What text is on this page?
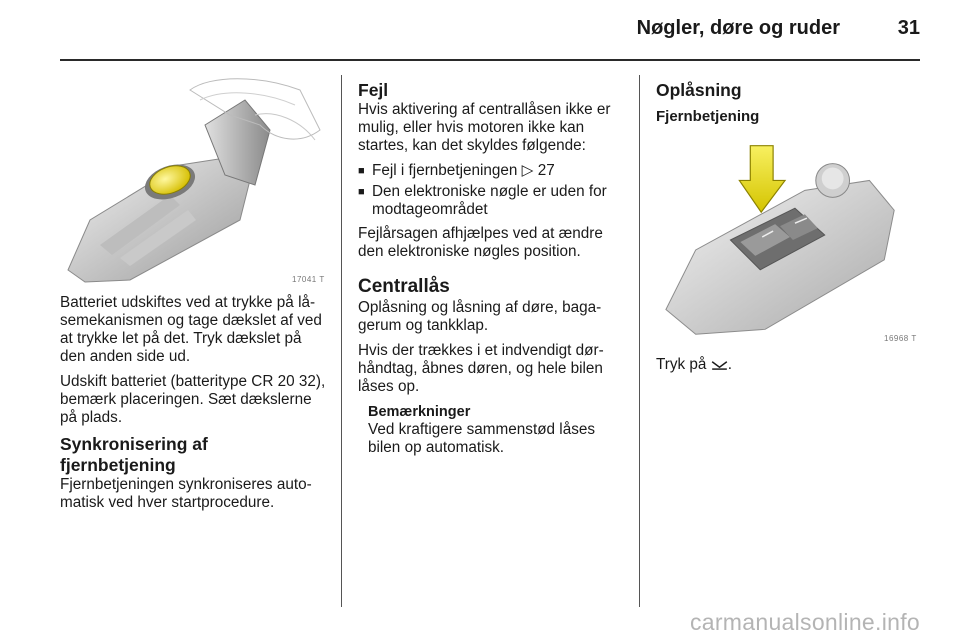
Nøgler, døre og ruder	31
17041 T

Batteriet udskiftes ved at trykke på låsemekanismen og tage dækslet af ved at trykke let på det. Tryk dækslet på den anden side ud.

Udskift batteriet (batteritype CR 20 32), bemærk placeringen. Sæt dækslerne på plads.

Synkronisering af fjernbetjening

Fjernbetjeningen synkroniseres automatisk ved hver startprocedure.

Fejl

Hvis aktivering af centrallåsen ikke er mulig, eller hvis motoren ikke kan startes, kan det skyldes følgende:

■ Fejl i fjernbetjeningen ▷ 27
■ Den elektroniske nøgle er uden for modtageområdet

Fejlårsagen afhjælpes ved at ændre den elektroniske nøgles position.

Centrallås

Oplåsning og låsning af døre, bagagerum og tankklap.

Hvis der trækkes i et indvendigt dørhåndtag, åbnes døren, og hele bilen låses op.

Bemærkninger
Ved kraftigere sammenstød låses bilen op automatisk.
Oplåsning
Fjernbetjening
16968 T
Tryk på .
carmanualsonline.info
